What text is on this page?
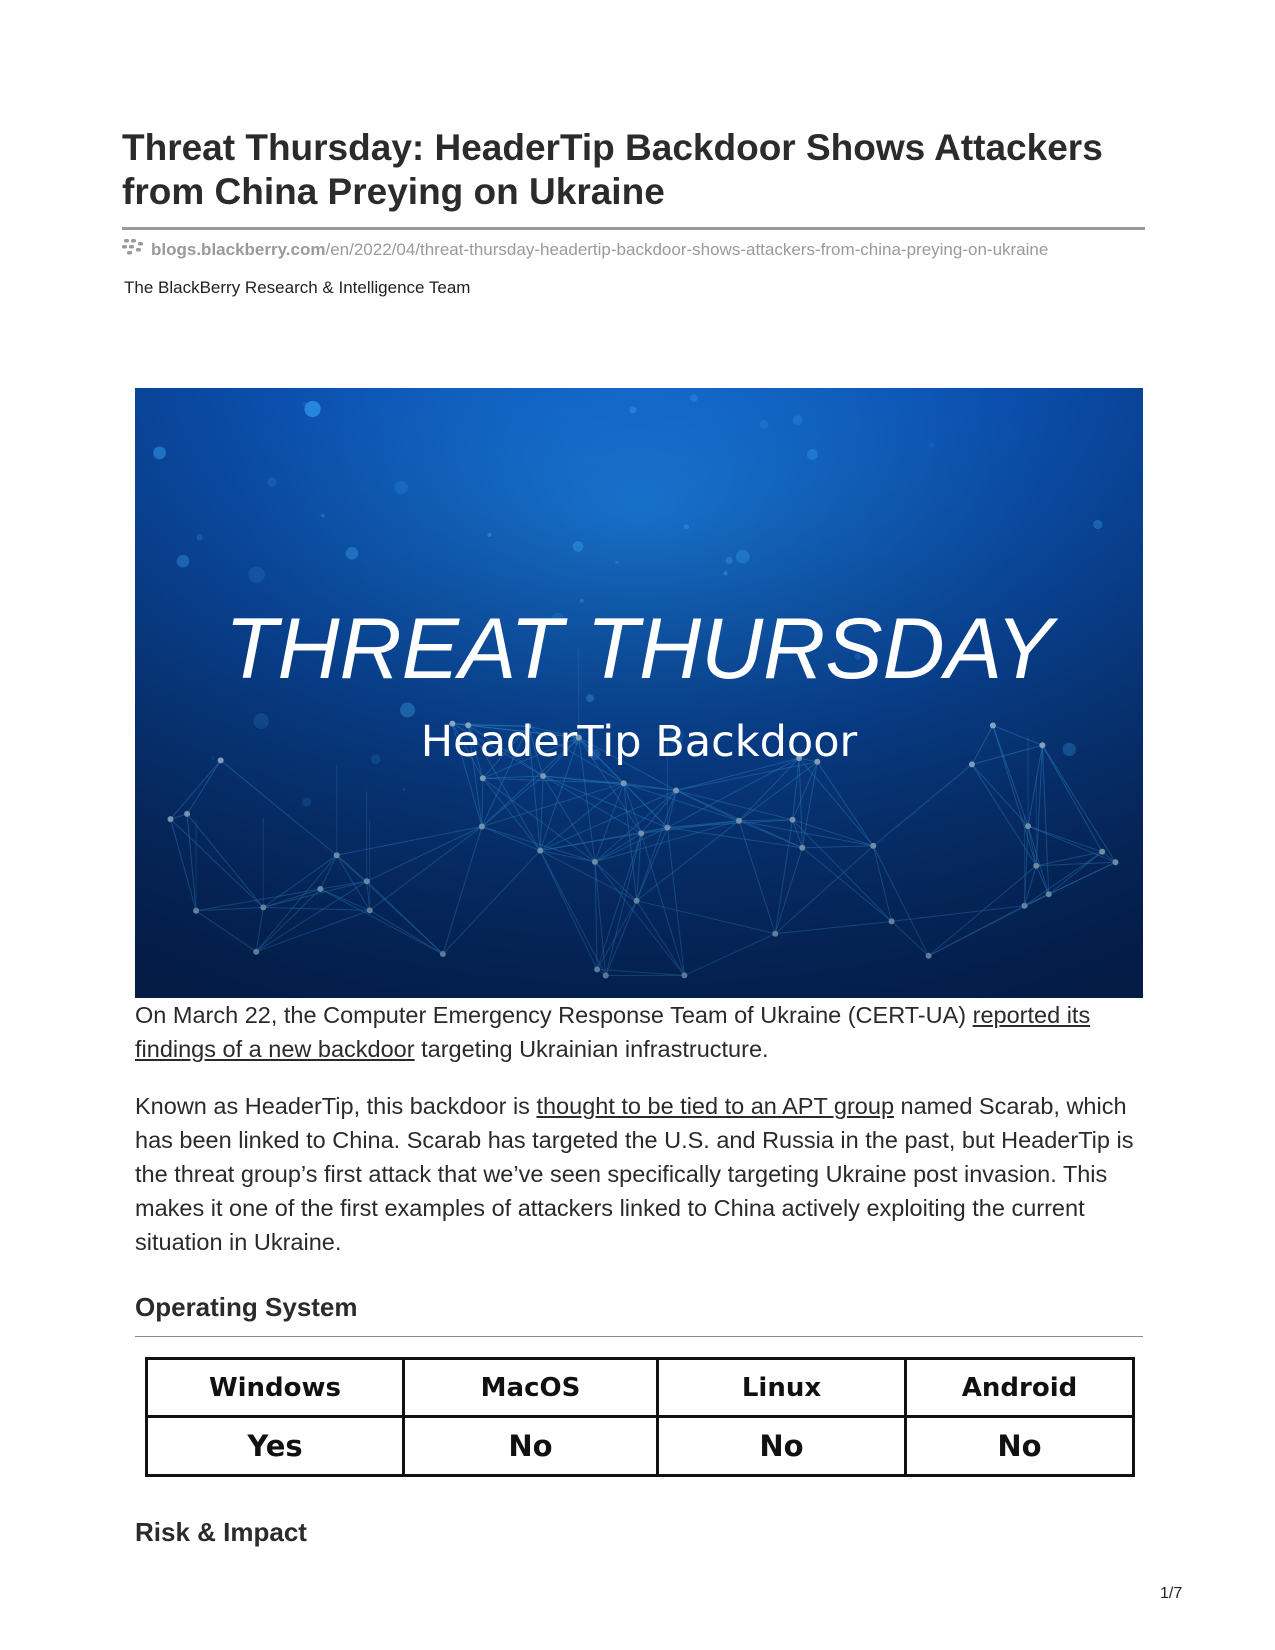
Threat Thursday: HeaderTip Backdoor Shows Attackers from China Preying on Ukraine
blogs.blackberry.com /en/2022/04/threat-thursday-headertip-backdoor-shows-attackers-from-china-preying-on-ukraine
The BlackBerry Research & Intelligence Team
THREAT THURSDAY
HeaderTip Backdoor

On March 22, the Computer Emergency Response Team of Ukraine (CERT-UA) reported its findings of a new backdoor targeting Ukrainian infrastructure.

Known as HeaderTip, this backdoor is thought to be tied to an APT group named Scarab, which has been linked to China. Scarab has targeted the U.S. and Russia in the past, but HeaderTip is the threat group’s first attack that we’ve seen specifically targeting Ukraine post invasion. This makes it one of the first examples of attackers linked to China actively exploiting the current situation in Ukraine.

Operating System
Windows	MacOS	Linux	Android
Yes	No	No	No
Risk & Impact
1/7
